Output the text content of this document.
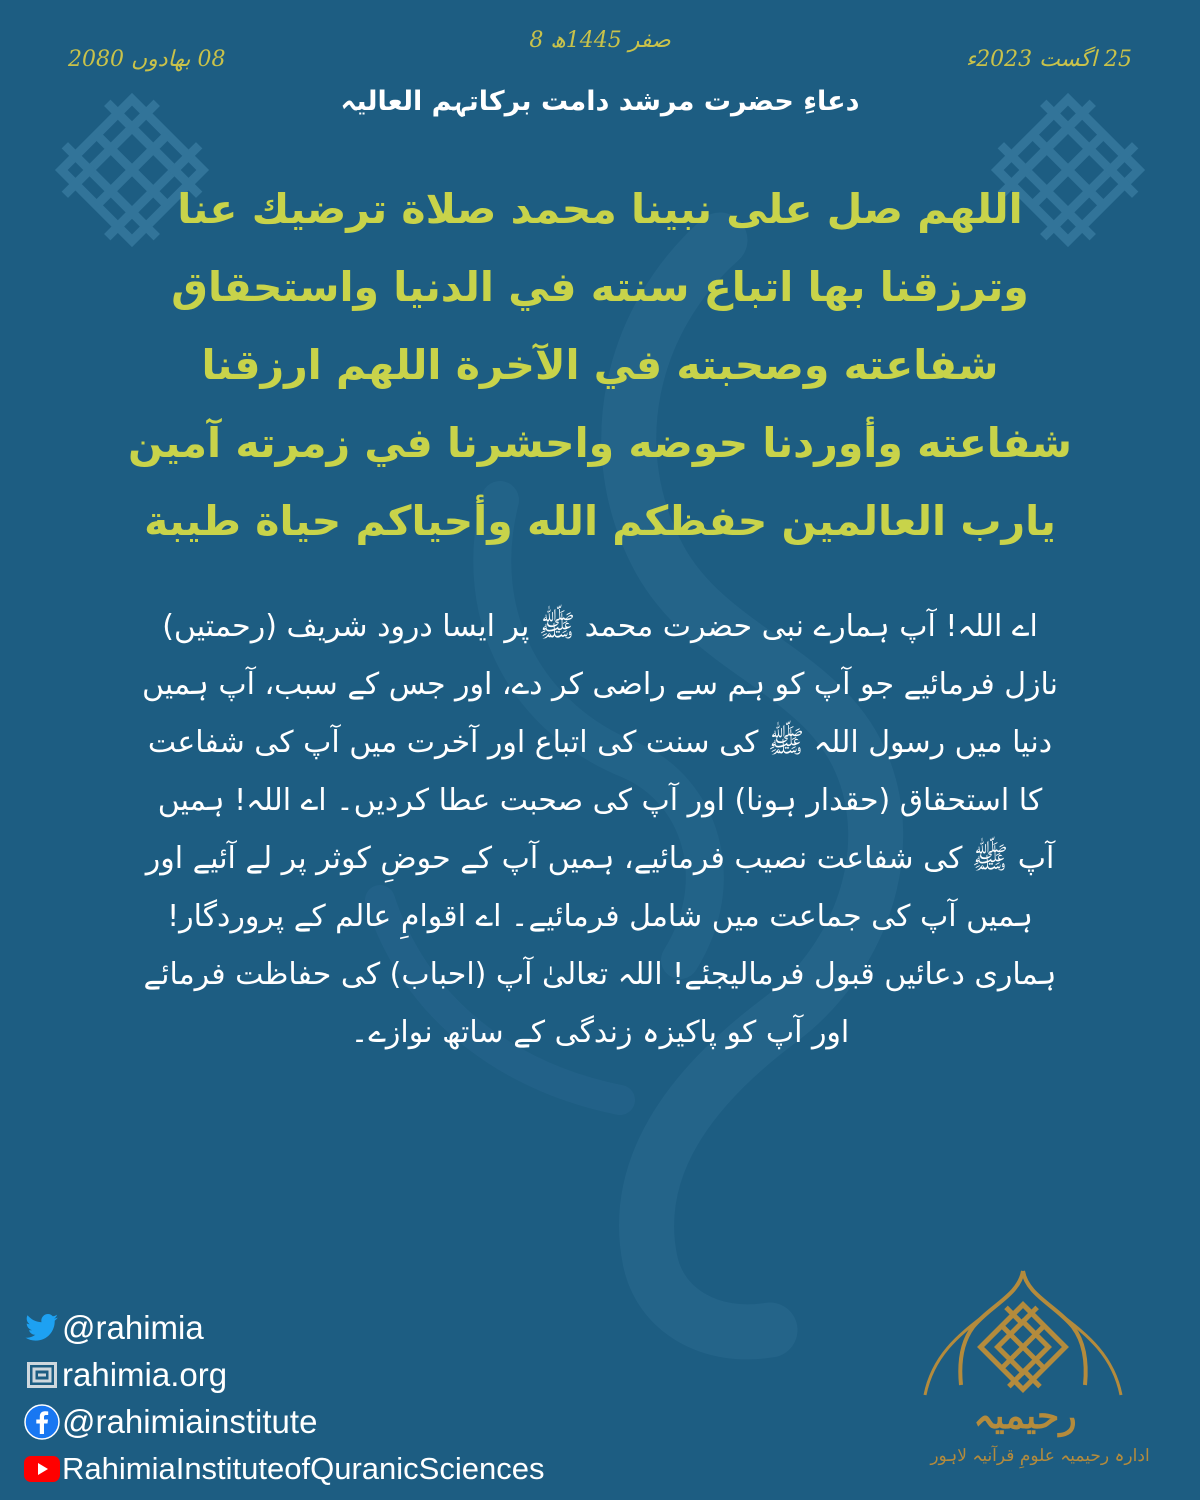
8 صفر 1445ھ
25 اگست 2023ء
08 بھادوں 2080
دعاءِ حضرت مرشد دامت برکاتہم العالیہ

اللهم صل على نبينا محمد صلاة ترضيك عنا وترزقنا بها اتباع سنته في الدنيا واستحقاق شفاعته وصحبته في الآخرة اللهم ارزقنا شفاعته وأوردنا حوضه واحشرنا في زمرته آمين يارب العالمين حفظكم الله وأحياكم حياة طيبة

اے اللہ! آپ ہمارے نبی حضرت محمد ﷺ پر ایسا درود شریف (رحمتیں) نازل فرمائیے جو آپ کو ہم سے راضی کر دے، اور جس کے سبب، آپ ہمیں دنیا میں رسول اللہ ﷺ کی سنت کی اتباع اور آخرت میں آپ کی شفاعت کا استحقاق (حقدار ہونا) اور آپ کی صحبت عطا کردیں۔ اے اللہ! ہمیں آپ ﷺ کی شفاعت نصیب فرمائیے، ہمیں آپ کے حوضِ کوثر پر لے آئیے اور ہمیں آپ کی جماعت میں شامل فرمائیے۔ اے اقوامِ عالم کے پروردگار! ہماری دعائیں قبول فرمالیجئے! اللہ تعالیٰ آپ (احباب) کی حفاظت فرمائے اور آپ کو پاکیزہ زندگی کے ساتھ نوازے۔

@rahimia
rahimia.org
@rahimiainstitute
RahimiaInstituteofQuranicSciences
رحیمیہ
ادارہ رحیمیہ علومِ قرآنیہ لاہور
